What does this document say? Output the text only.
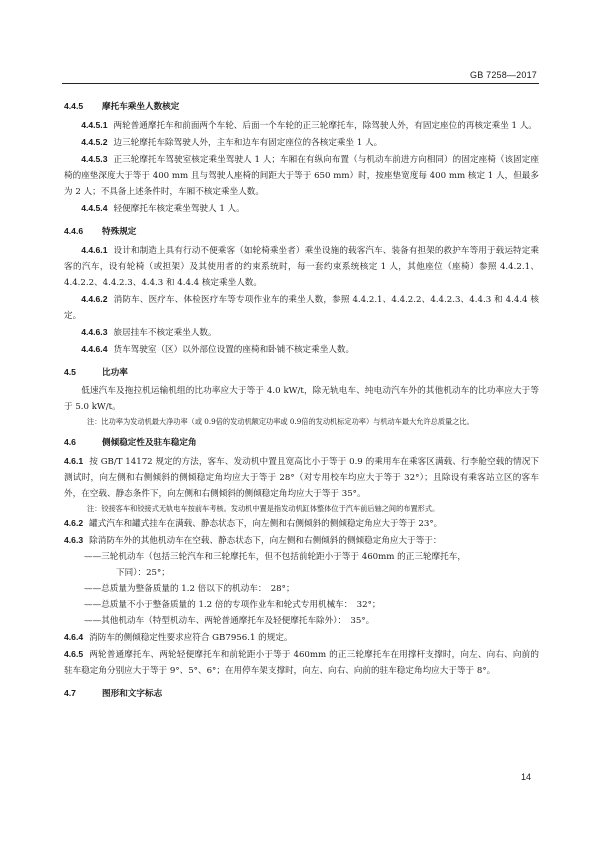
GB 7258—2017
4.4.5 摩托车乘坐人数核定
4.4.5.1 两轮普通摩托车和前面两个车轮、后面一个车轮的正三轮摩托车，除驾驶人外，有固定座位的再核定乘坐 1 人。
4.4.5.2 边三轮摩托车除驾驶人外，主车和边车有固定座位的各核定乘坐 1 人。
4.4.5.3 正三轮摩托车驾驶室核定乘坐驾驶人 1 人；车厢在有纵向布置（与机动车前进方向相同）的固定座椅（该固定座椅的座垫深度大于等于 400 mm 且与驾驶人座椅的间距大于等于 650 mm）时，按座垫宽度每 400 mm 核定 1 人，但最多为 2 人；不具备上述条件时，车厢不核定乘坐人数。
4.4.5.4 轻便摩托车核定乘坐驾驶人 1 人。
4.4.6 特殊规定
4.4.6.1 设计和制造上具有行动不便乘客（如轮椅乘坐者）乘坐设施的载客汽车、装备有担架的救护车等用于载运特定乘客的汽车，设有轮椅（或担架）及其使用者的约束系统时，每一套约束系统核定 1 人，其他座位（座椅）参照 4.4.2.1、4.4.2.2、4.4.2.3、4.4.3 和 4.4.4 核定乘坐人数。
4.4.6.2 消防车、医疗车、体检医疗车等专项作业车的乘坐人数，参照 4.4.2.1、4.4.2.2、4.4.2.3、4.4.3 和 4.4.4 核定。
4.4.6.3 旅居挂车不核定乘坐人数。
4.4.6.4 货车驾驶室（区）以外部位设置的座椅和卧铺不核定乘坐人数。
4.5	比功率
低速汽车及拖拉机运输机组的比功率应大于等于 4.0 kW/t，除无轨电车、纯电动汽车外的其他机动车的比功率应大于等于 5.0 kW/t。
注：比功率为发动机最大净功率（或 0.9倍的发动机额定功率或 0.9倍的发动机标定功率）与机动车最大允许总质量之比。
4.6	侧倾稳定性及驻车稳定角
4.6.1 按 GB/T 14172 规定的方法，客车、发动机中置且宽高比小于等于 0.9 的乘用车在乘客区满载、行李舱空载的情况下测试时，向左侧和右侧倾斜的侧倾稳定角均应大于等于 28°（对专用校车均应大于等于 32°）；且除设有乘客站立区的客车外，在空载、静态条件下，向左侧和右侧倾斜的侧倾稳定角均应大于等于 35°。
注：铰接客车和铰接式无轨电车按前车考核。发动机中置是指发动机缸体整体位于汽车前后轴之间的布置形式。
4.6.2 罐式汽车和罐式挂车在满载、静态状态下，向左侧和右侧倾斜的侧倾稳定角应大于等于 23°。
4.6.3 除消防车外的其他机动车在空载、静态状态下，向左侧和右侧倾斜的侧倾稳定角应大于等于：
——三轮机动车（包括三轮汽车和三轮摩托车，但不包括前轮距小于等于 460mm 的正三轮摩托车，
下同）：25°；
——总质量为整备质量的 1.2 倍以下的机动车：　28°；
——总质量不小于整备质量的 1.2 倍的专项作业车和轮式专用机械车：　32°；
——其他机动车（特型机动车、两轮普通摩托车及轻便摩托车除外）：　35°。
4.6.4 消防车的侧倾稳定性要求应符合 GB7956.1 的规定。
4.6.5 两轮普通摩托车、两轮轻便摩托车和前轮距小于等于 460mm 的正三轮摩托车在用撑杆支撑时，向左、向右、向前的驻车稳定角分别应大于等于 9°、5°、6°；在用停车架支撑时，向左、向右、向前的驻车稳定角均应大于等于 8°。
4.7	图形和文字标志
14
